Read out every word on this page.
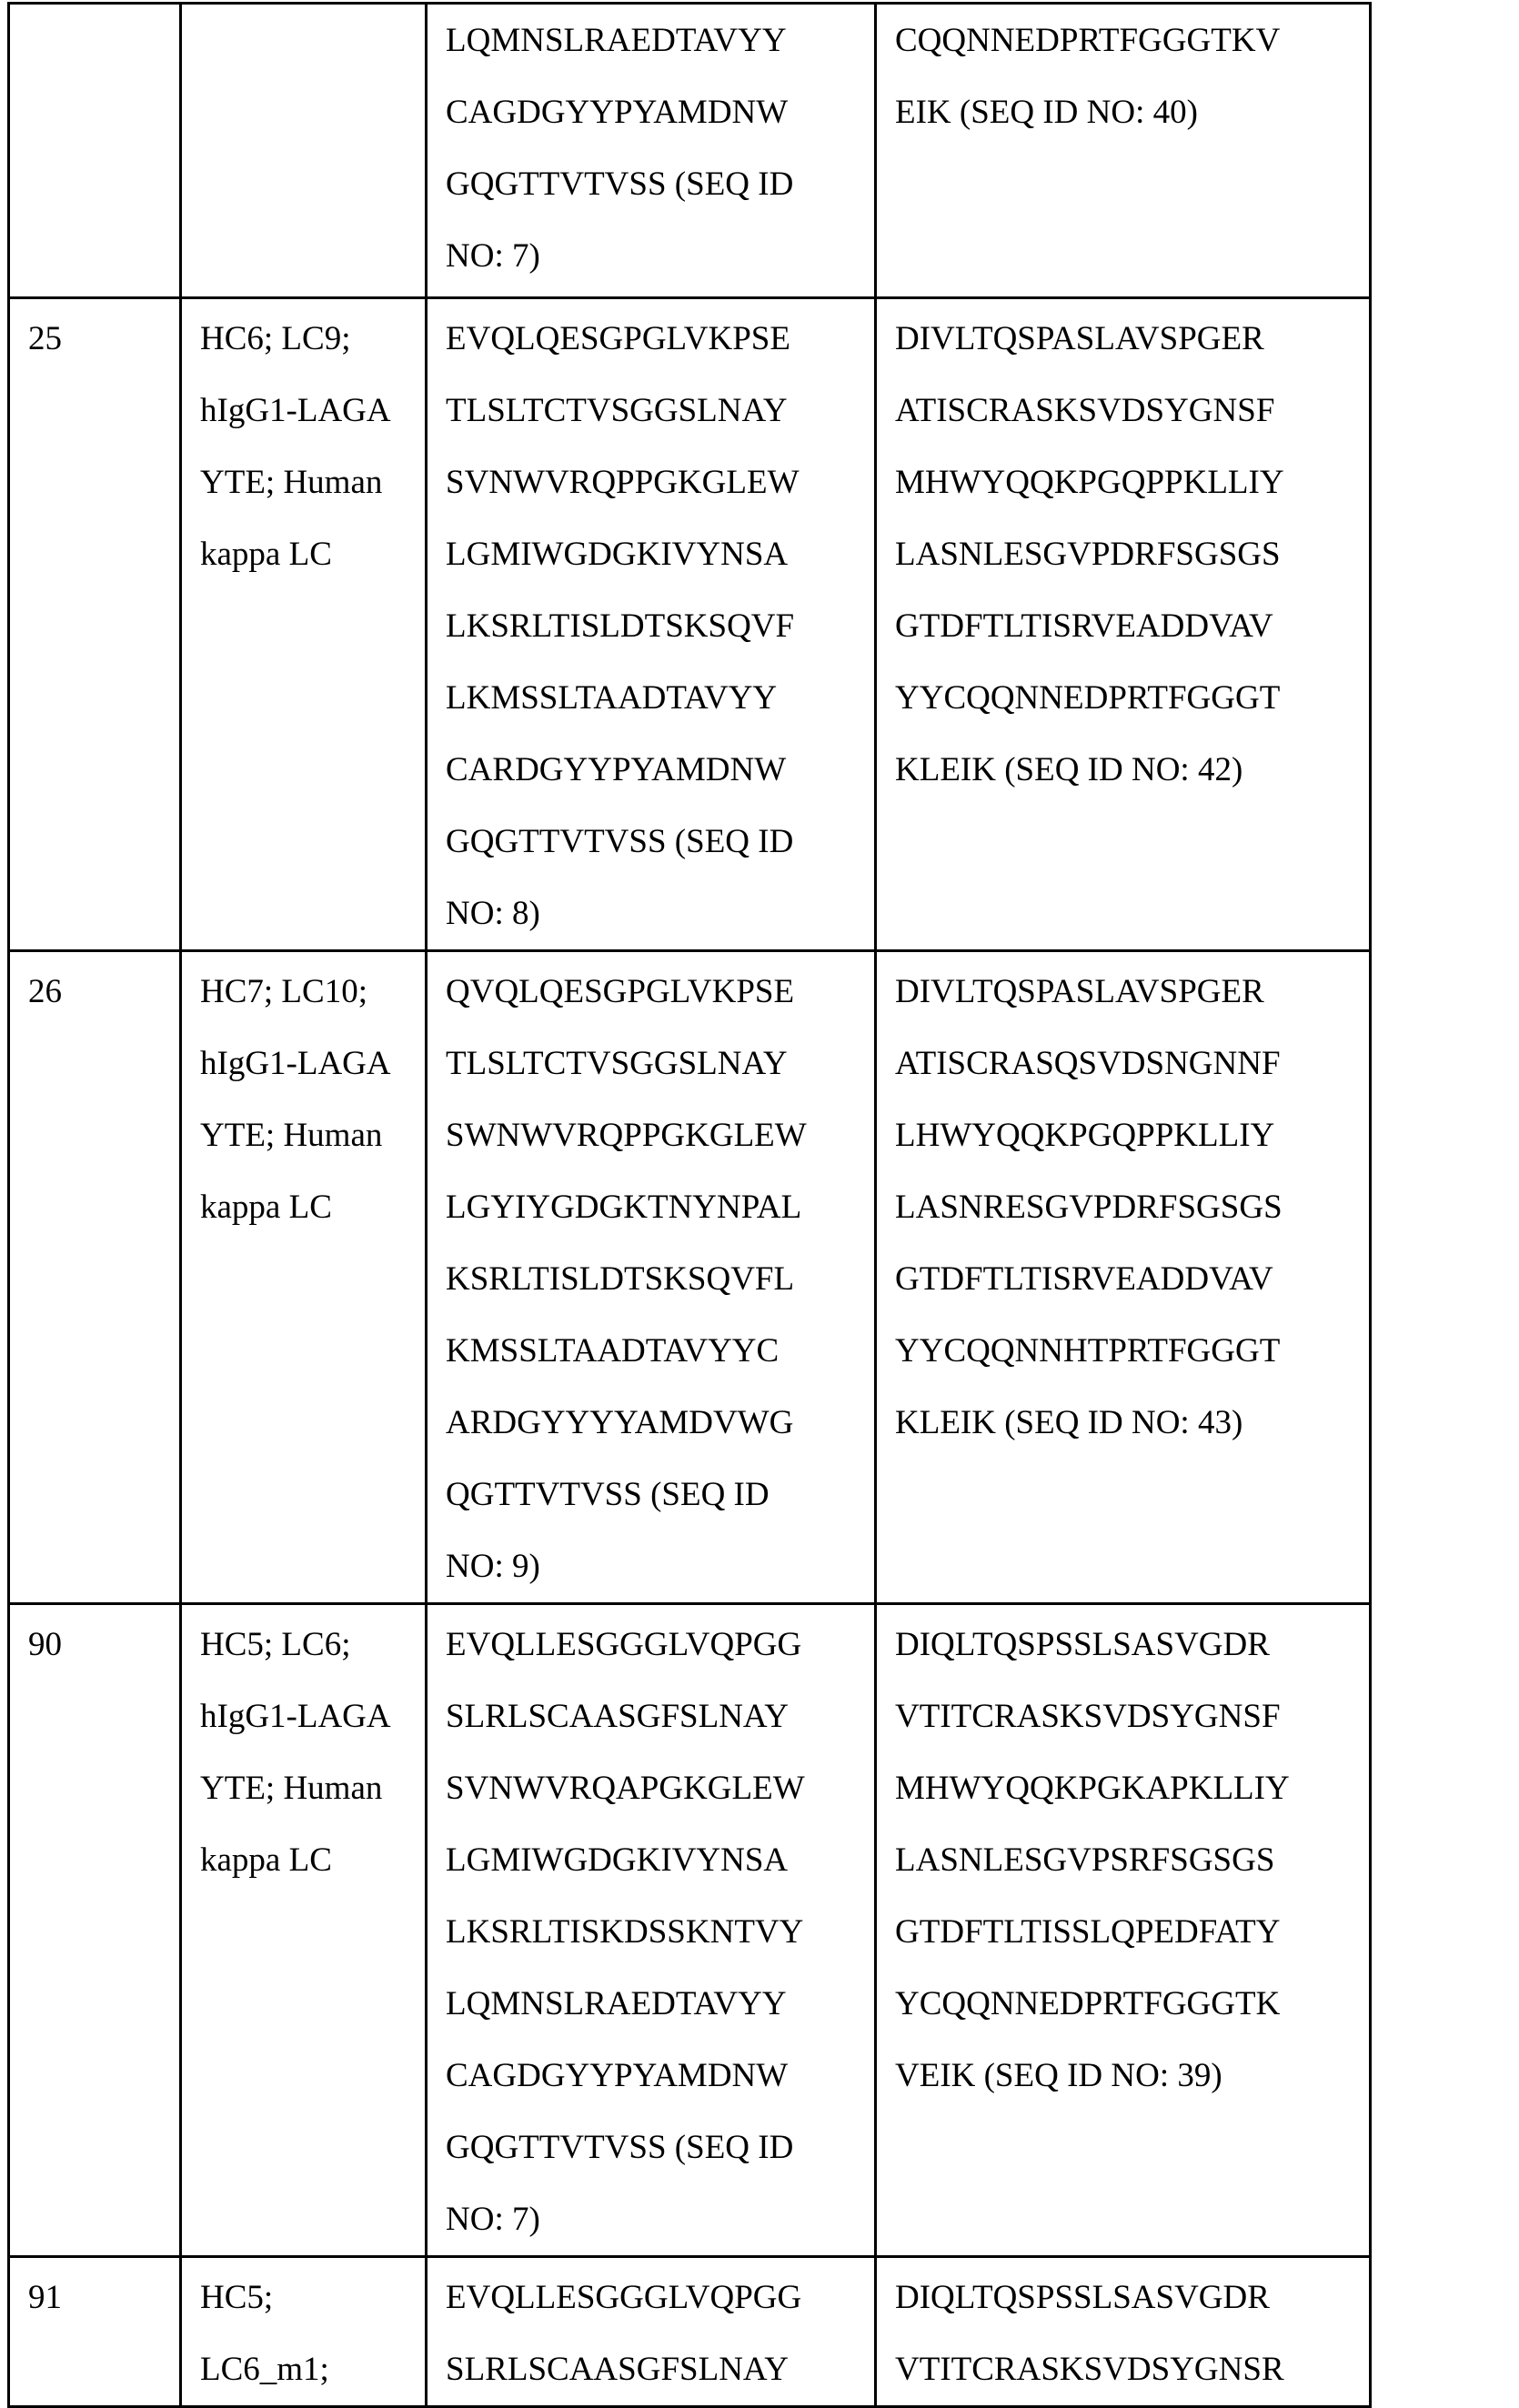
LQMNSLRAEDTAVYY
CAGDGYYPYAMDNW
GQGTTVTVSS (SEQ ID
NO: 7)

CQQNNEDPRTFGGGTKV
EIK (SEQ ID NO: 40)

25	HC6; LC9;
hIgG1-LAGA
YTE; Human
kappa LC

EVQLQESGPGLVKPSE
TLSLTCTVSGGSLNAY
SVNWVRQPPGKGLEW
LGMIWGDGKIVYNSA
LKSRLTISLDTSKSQVF
LKMSSLTAADTAVYY
CARDGYYPYAMDNW
GQGTTVTVSS (SEQ ID
NO: 8)

DIVLTQSPASLAVSPGER
ATISCRASKSVDSYGNSF
MHWYQQKPGQPPKLLIY
LASNLESGVPDRFSGSGS
GTDFTLTISRVEADDVAV
YYCQQNNEDPRTFGGGT
KLEIK (SEQ ID NO: 42)

26	HC7; LC10;
hIgG1-LAGA
YTE; Human
kappa LC

QVQLQESGPGLVKPSE
TLSLTCTVSGGSLNAY
SWNWVRQPPGKGLEW
LGYIYGDGKTNYNPAL
KSRLTISLDTSKSQVFL
KMSSLTAADTAVYYC
ARDGYYYYAMDVWG
QGTTVTVSS (SEQ ID
NO: 9)

DIVLTQSPASLAVSPGER
ATISCRASQSVDSNGNNF
LHWYQQKPGQPPKLLIY
LASNRESGVPDRFSGSGS
GTDFTLTISRVEADDVAV
YYCQQNNHTPRTFGGGT
KLEIK (SEQ ID NO: 43)

90	HC5; LC6;
hIgG1-LAGA
YTE; Human
kappa LC

EVQLLESGGGLVQPGG
SLRLSCAASGFSLNAY
SVNWVRQAPGKGLEW
LGMIWGDGKIVYNSA
LKSRLTISKDSSKNTVY
LQMNSLRAEDTAVYY
CAGDGYYPYAMDNW
GQGTTVTVSS (SEQ ID
NO: 7)

DIQLTQSPSSLSASVGDR
VTITCRASKSVDSYGNSF
MHWYQQKPGKAPKLLIY
LASNLESGVPSRFSGSGS
GTDFTLTISSLQPEDFATY
YCQQNNEDPRTFGGGTK
VEIK (SEQ ID NO: 39)

91	HC5;
LC6_m1;

EVQLLESGGGLVQPGG
SLRLSCAASGFSLNAY

DIQLTQSPSSLSASVGDR
VTITCRASKSVDSYGNSR
